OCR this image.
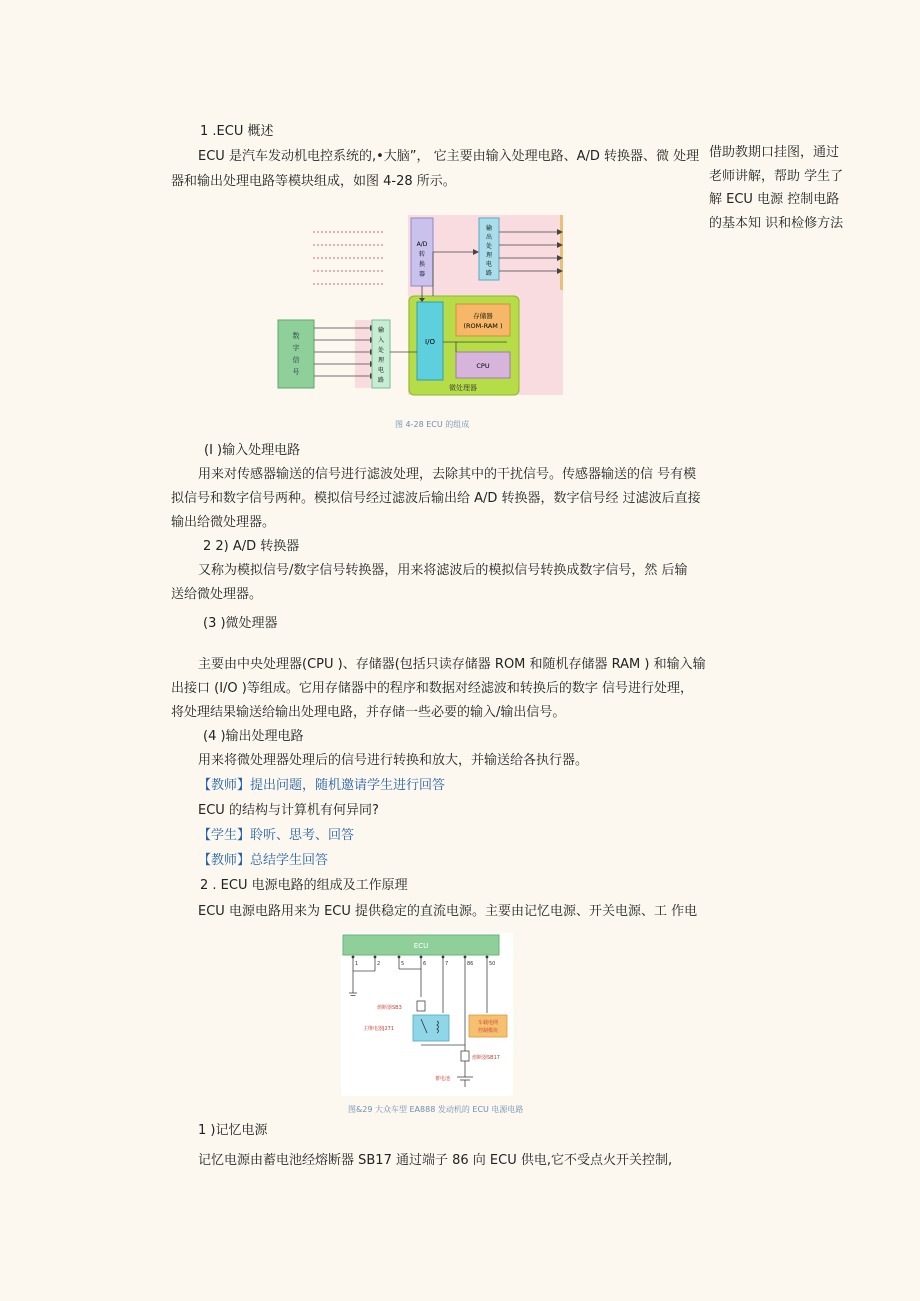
1 .ECU 概述
ECU 是汽车发动机电控系统的,•大脑”， 它主要由输入处理电路、A/D 转换器、微 处理
器和输出处理电路等模块组成，如图 4-28 所示。
借助教期口挂图，通过老师讲解，帮助 学生了解 ECU 电源 控制电路的基本知 识和检修方法
数
字
信
号
输
入
处
理
电
路
A/D
转
换
器
输
出
处
理
电
路
微处理器
I/O
存储器
(ROM-RAM )
CPU
图 4-28 ECU 的组成
(I )输入处理电路
用来对传感器输送的信号进行滤波处理，去除其中的干扰信号。传感器输送的信 号有模
拟信号和数字信号两种。模拟信号经过滤波后输出给 A/D 转换器，数字信号经 过滤波后直接
输出给微处理器。
2 2) A/D 转换器
又称为模拟信号/数字信号转换器，用来将滤波后的模拟信号转换成数字信号，然 后输
送给微处理器。
(3 )微处理器
主要由中央处理器(CPU )、存储器(包括只读存储器 ROM 和随机存储器 RAM ) 和输入输
出接口 (I/O )等组成。它用存储器中的程序和数据对经滤波和转换后的数字 信号进行处理，
将处理结果输送给输出处理电路，并存储一些必要的输入/输出信号。
(4 )输出处理电路
用来将微处理器处理后的信号进行转换和放大，并输送给各执行器。
【教师】提出问题，随机邀请学生进行回答
ECU 的结构与计算机有何异同?
【学生】聆听、思考、回答
【教师】总结学生回答
2 . ECU 电源电路的组成及工作原理
ECU 电源电路用来为 ECU 提供稳定的直流电源。主要由记忆电源、开关电源、工 作电
ECU
1	2	5	6	7	86	50
熔断器SB3
主继电器J271
车载电网
控制模块
熔断器SB17
蓄电池
图&29 大众车型 EA888 发动机的 ECU 电源电路
1 )记忆电源
记忆电源由蓄电池经熔断器 SB17 通过端子 86 向 ECU 供电,它不受点火开关控制,
